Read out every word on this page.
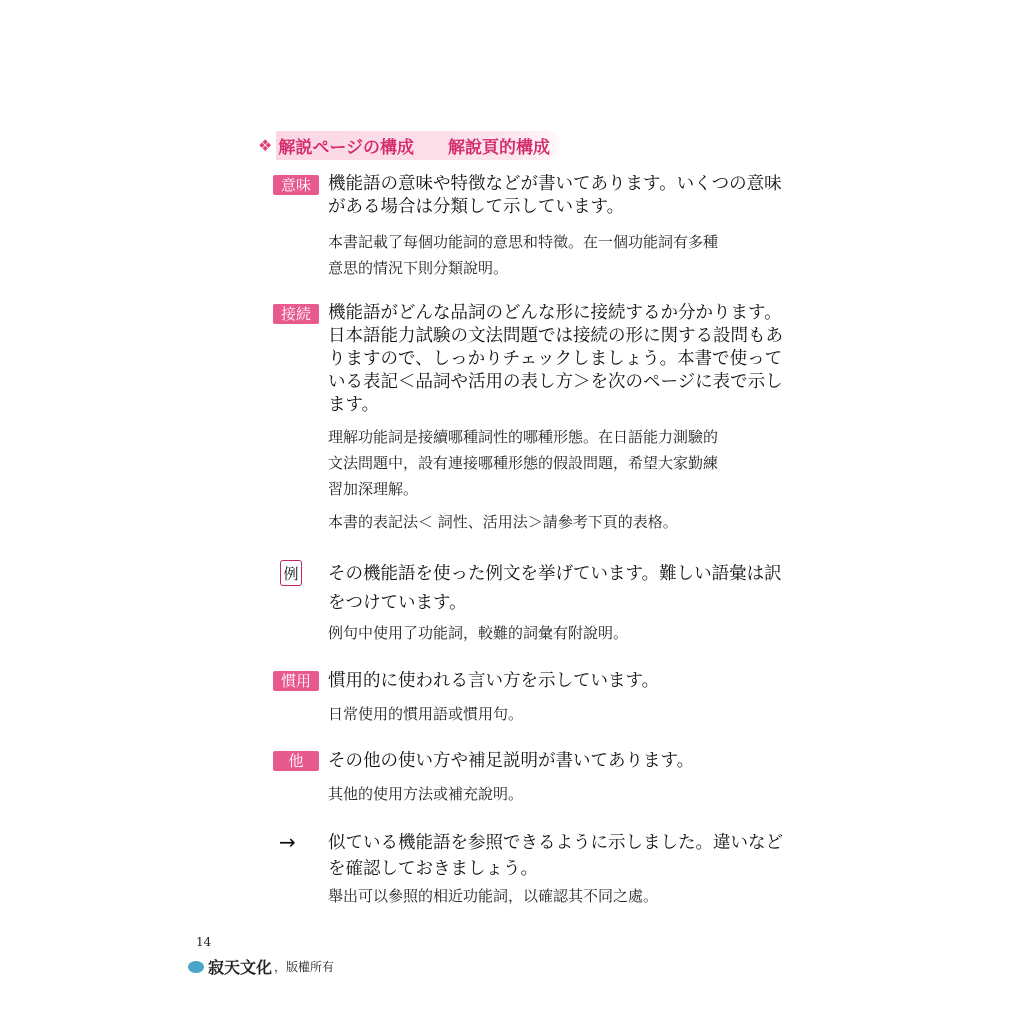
❖ 解説ページの構成 解說頁的構成
意味 機能語の意味や特徴などが書いてあります。いくつの意味
がある場合は分類して示しています。
本書記載了每個功能詞的意思和特徵。在一個功能詞有多種
意思的情況下則分類說明。
接続 機能語がどんな品詞のどんな形に接続するか分かります。
日本語能力試験の文法問題では接続の形に関する設問もあ
りますので、しっかりチェックしましょう。本書で使って
いる表記＜品詞や活用の表し方＞を次のページに表で示し
ます。
理解功能詞是接續哪種詞性的哪種形態。在日語能力測驗的
文法問題中，設有連接哪種形態的假設問題，希望大家勤練
習加深理解。
本書的表記法＜ 詞性、活用法＞請參考下頁的表格。
例 その機能語を使った例文を挙げています。難しい語彙は訳
をつけています。
例句中使用了功能詞，較難的詞彙有附說明。
慣用 慣用的に使われる言い方を示しています。
日常使用的慣用語或慣用句。
他	その他の使い方や補足説明が書いてあります。
其他的使用方法或補充說明。
→ 似ている機能語を参照できるように示しました。違いなど
を確認しておきましょう。
舉出可以參照的相近功能詞，以確認其不同之處。
14
寂天文化 ，版權所有
